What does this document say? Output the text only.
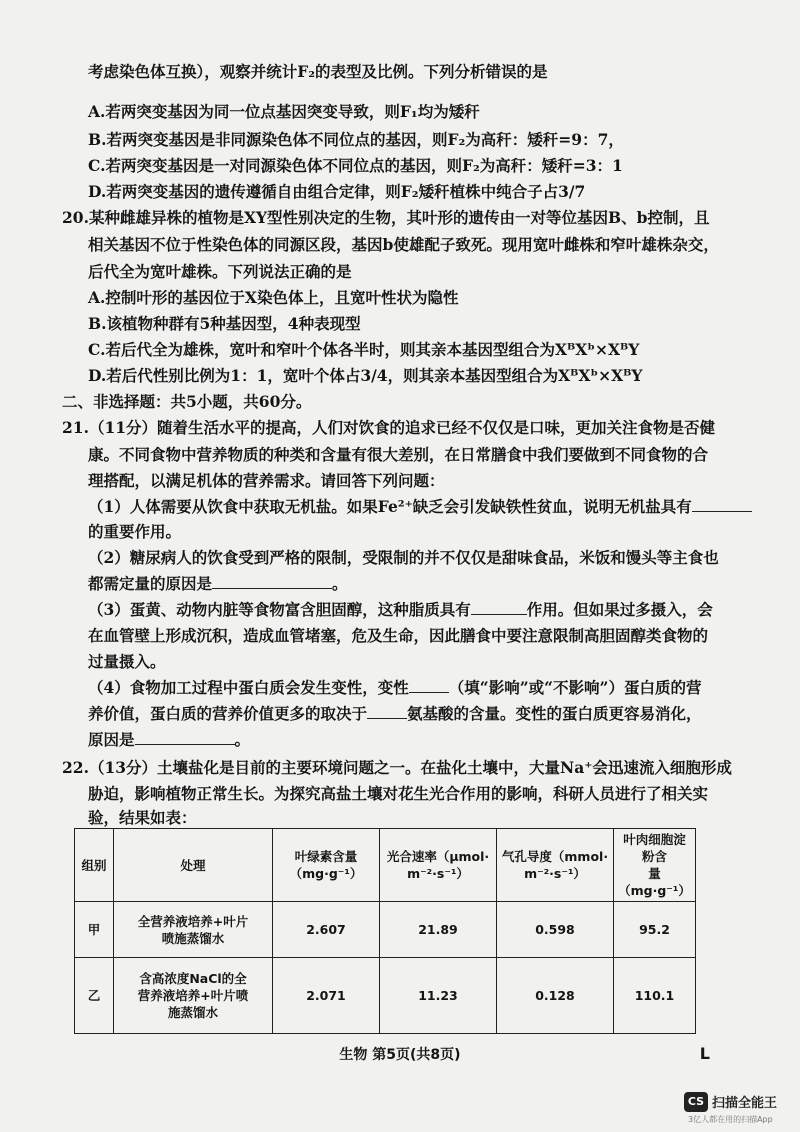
考虑染色体互换），观察并统计F₂的表型及比例。下列分析错误的是
A.若两突变基因为同一位点基因突变导致，则F₁均为矮秆
B.若两突变基因是非同源染色体不同位点的基因，则F₂为高秆：矮秆=9：7，
C.若两突变基因是一对同源染色体不同位点的基因，则F₂为高秆：矮秆=3：1
D.若两突变基因的遗传遵循自由组合定律，则F₂矮秆植株中纯合子占3/7
20.某种雌雄异株的植物是XY型性别决定的生物，其叶形的遗传由一对等位基因B、b控制，且
相关基因不位于性染色体的同源区段，基因b使雄配子致死。现用宽叶雌株和窄叶雄株杂交，
后代全为宽叶雄株。下列说法正确的是
A.控制叶形的基因位于X染色体上，且宽叶性状为隐性
B.该植物种群有5种基因型，4种表现型
C.若后代全为雄株，宽叶和窄叶个体各半时，则其亲本基因型组合为XᴮXᵇ×XᴮY
D.若后代性别比例为1：1，宽叶个体占3/4，则其亲本基因型组合为XᴮXᵇ×XᴮY
二、非选择题：共5小题，共60分。
21.（11分）随着生活水平的提高，人们对饮食的追求已经不仅仅是口味，更加关注食物是否健
康。不同食物中营养物质的种类和含量有很大差别，在日常膳食中我们要做到不同食物的合
理搭配，以满足机体的营养需求。请回答下列问题：
（1）人体需要从饮食中获取无机盐。如果Fe²⁺缺乏会引发缺铁性贫血，说明无机盐具有
的重要作用。
（2）糖尿病人的饮食受到严格的限制，受限制的并不仅仅是甜味食品，米饭和馒头等主食也
都需定量的原因是	。
（3）蛋黄、动物内脏等食物富含胆固醇，这种脂质具有	作用。但如果过多摄入，会
在血管壁上形成沉积，造成血管堵塞，危及生命，因此膳食中要注意限制高胆固醇类食物的
过量摄入。
（4）食物加工过程中蛋白质会发生变性，变性	（填“影响”或“不影响”）蛋白质的营
养价值，蛋白质的营养价值更多的取决于	氨基酸的含量。变性的蛋白质更容易消化，
原因是	。
22.（13分）土壤盐化是目前的主要环境问题之一。在盐化土壤中，大量Na⁺会迅速流入细胞形成
胁迫，影响植物正常生长。为探究高盐土壤对花生光合作用的影响，科研人员进行了相关实
验，结果如表：
组别	处理	叶绿素含量
（mg·g⁻¹）	光合速率（μmol·
m⁻²·s⁻¹）	气孔导度（mmol·
m⁻²·s⁻¹）	叶肉细胞淀粉含
量（mg·g⁻¹）
甲	全营养液培养+叶片
喷施蒸馏水	2.607	21.89	0.598	95.2
乙	含高浓度NaCl的全
营养液培养+叶片喷
施蒸馏水	2.071	11.23	0.128	110.1
生物 第5页(共8页)	L
CS 扫描全能王
3亿人都在用的扫描App
